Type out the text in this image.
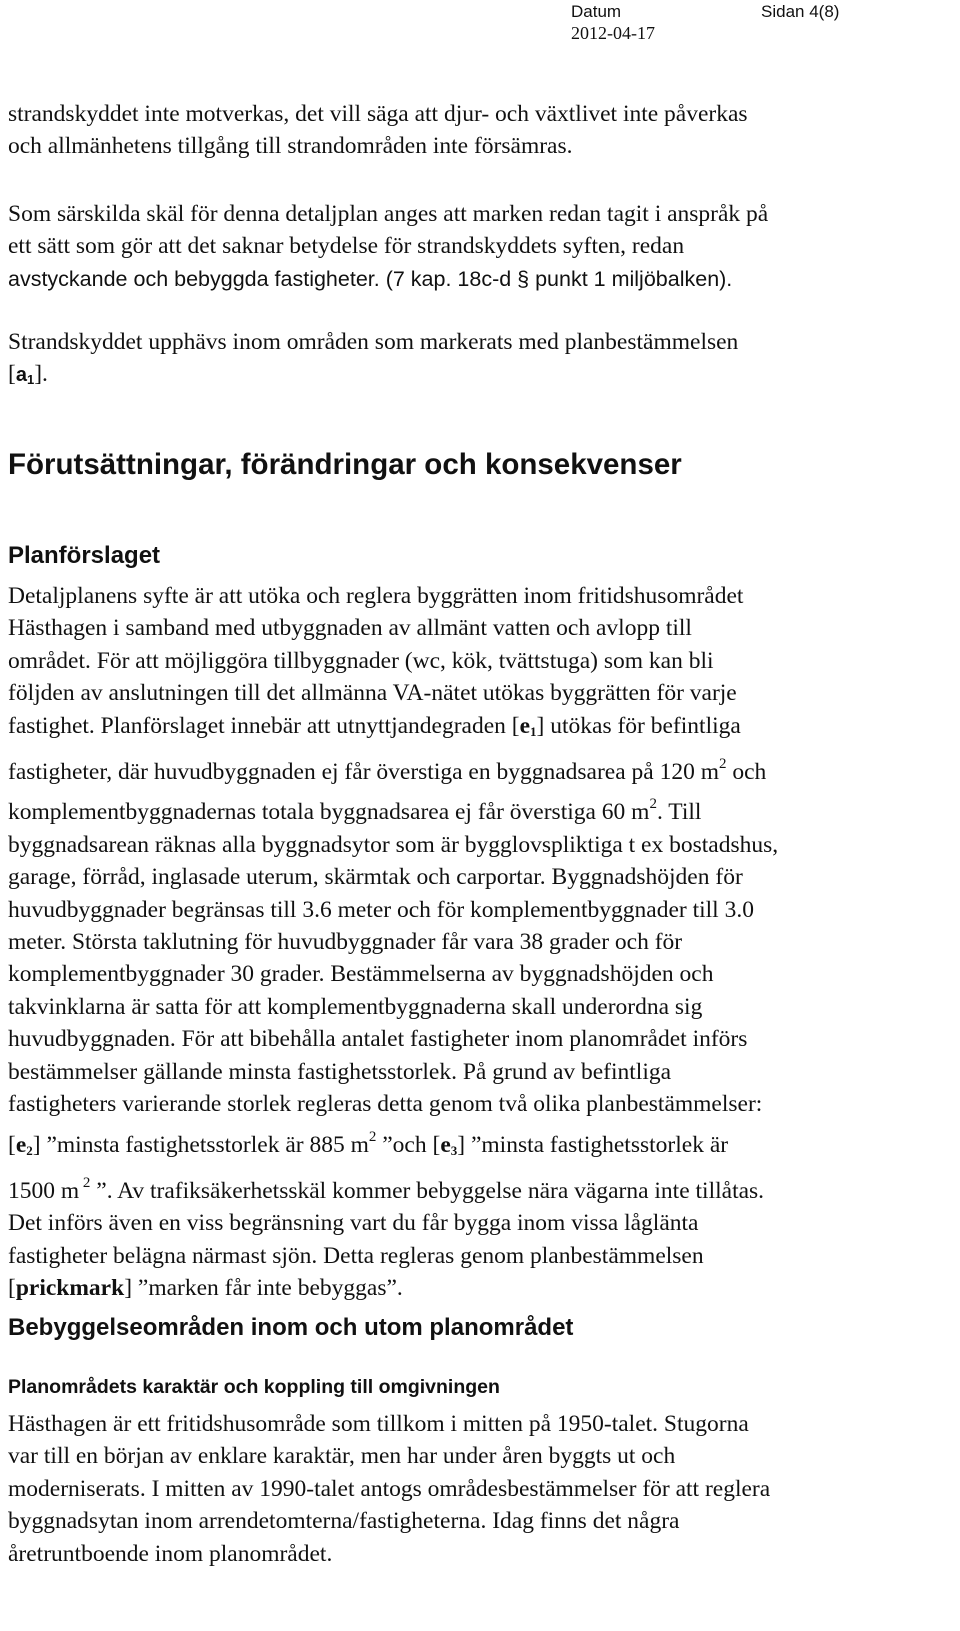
Datum	Sidan 4(8)
2012-04-17
strandskyddet inte motverkas, det vill säga att djur- och växtlivet inte påverkas
och allmänhetens tillgång till strandområden inte försämras.
Som särskilda skäl för denna detaljplan anges att marken redan tagit i anspråk på
ett sätt som gör att det saknar betydelse för strandskyddets syften, redan
avstyckande och bebyggda fastigheter. (7 kap. 18c-d § punkt 1 miljöbalken).
Strandskyddet upphävs inom områden som markerats med planbestämmelsen
$[a_1]$.
Förutsättningar, förändringar och konsekvenser
Planförslaget
Detaljplanens syfte är att utöka och reglera byggrätten inom fritidshusområdet
Hästhagen i samband med utbyggnaden av allmänt vatten och avlopp till
området. För att möjliggöra tillbyggnader (wc, kök, tvättstuga) som kan bli
följden av anslutningen till det allmänna VA-nätet utökas byggrätten för varje
fastighet. Planförslaget innebär att utnyttjandegraden $[e_1]$ utökas för befintliga
fastigheter, där huvudbyggnaden ej får överstiga en byggnadsarea på 120 $m^2$ och
komplementbyggnadernas totala byggnadsarea ej får överstiga 60 $m^2$. Till
byggnadsarean räknas alla byggnadsytor som är bygglovspliktiga t ex bostadshus,
garage, förråd, inglasade uterum, skärmtak och carportar. Byggnadshöjden för
huvudbyggnader begränsas till 3.6 meter och för komplementbyggnader till 3.0
meter. Största taklutning för huvudbyggnader får vara 38 grader och för
komplementbyggnader 30 grader. Bestämmelserna av byggnadshöjden och
takvinklarna är satta för att komplementbyggnaderna skall underordna sig
huvudbyggnaden. För att bibehålla antalet fastigheter inom planområdet införs
bestämmelser gällande minsta fastighetsstorlek. På grund av befintliga
fastigheters varierande storlek regleras detta genom två olika planbestämmelser:
$[e_2]$ ”minsta fastighetsstorlek är 885 $m^2$ ”och $[e_3]$ ”minsta fastighetsstorlek är
1500 m $^2$ ”. Av trafiksäkerhetsskäl kommer bebyggelse nära vägarna inte tillåtas.
Det införs även en viss begränsning vart du får bygga inom vissa låglänta
fastigheter belägna närmast sjön. Detta regleras genom planbestämmelsen
[prickmark] ”marken får inte bebyggas”.
Bebyggelseområden inom och utom planområdet
Planområdets karaktär och koppling till omgivningen
Hästhagen är ett fritidshusområde som tillkom i mitten på 1950-talet. Stugorna
var till en början av enklare karaktär, men har under åren byggts ut och
moderniserats. I mitten av 1990-talet antogs områdesbestämmelser för att reglera
byggnadsytan inom arrendetomterna/fastigheterna. Idag finns det några
åretruntboende inom planområdet.
